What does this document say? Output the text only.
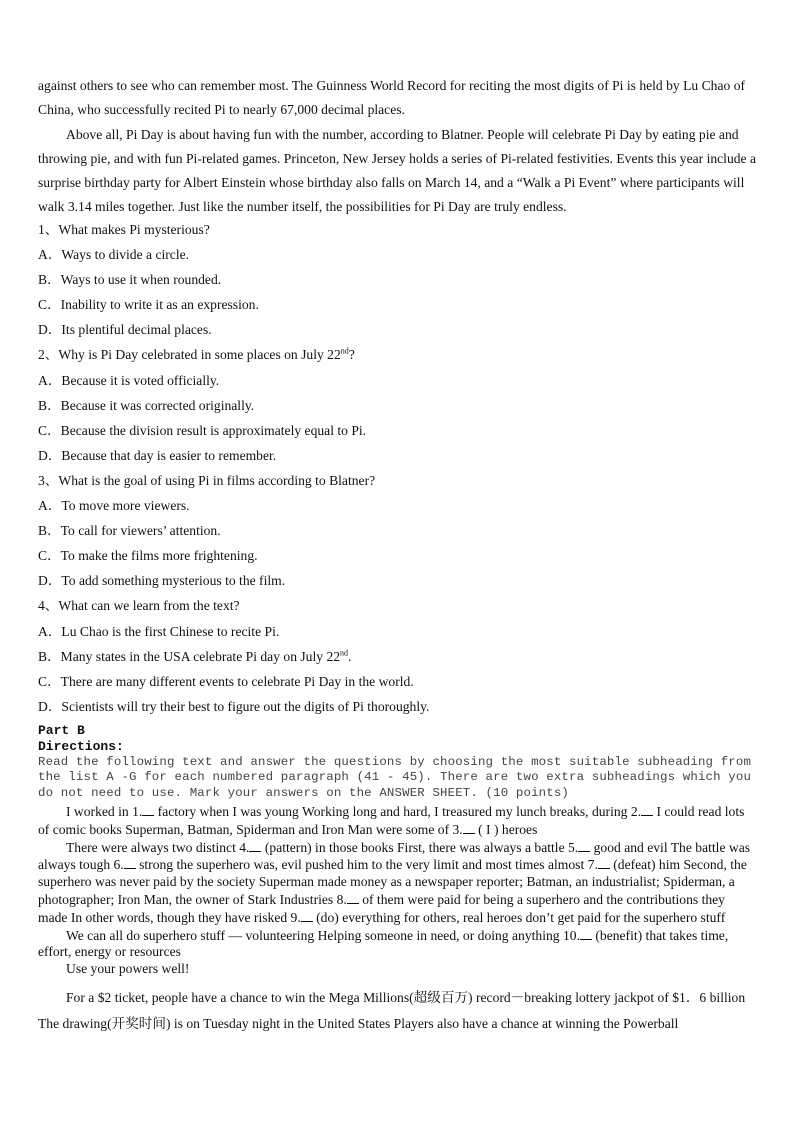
against others to see who can remember most. The Guinness World Record for reciting the most digits of Pi is held by Lu Chao of China, who successfully recited Pi to nearly 67,000 decimal places.

Above all, Pi Day is about having fun with the number, according to Blatner. People will celebrate Pi Day by eating pie and throwing pie, and with fun Pi-related games. Princeton, New Jersey holds a series of Pi-related festivities. Events this year include a surprise birthday party for Albert Einstein whose birthday also falls on March 14, and a “Walk a Pi Event” where participants will walk 3.14 miles together. Just like the number itself, the possibilities for Pi Day are truly endless.

1、What makes Pi mysterious?
A．Ways to divide a circle.
B．Ways to use it when rounded.
C．Inability to write it as an expression.
D．Its plentiful decimal places.
2、Why is Pi Day celebrated in some places on July 22nd?
A．Because it is voted officially.
B．Because it was corrected originally.
C．Because the division result is approximately equal to Pi.
D．Because that day is easier to remember.
3、What is the goal of using Pi in films according to Blatner?
A．To move more viewers.
B．To call for viewers’ attention.
C．To make the films more frightening.
D．To add something mysterious to the film.
4、What can we learn from the text?
A．Lu Chao is the first Chinese to recite Pi.
B．Many states in the USA celebrate Pi day on July 22nd.
C．There are many different events to celebrate Pi Day in the world.
D．Scientists will try their best to figure out the digits of Pi thoroughly.
Part B
Directions:
Read the following text and answer the questions by choosing the most suitable subheading from the list A -G for each numbered paragraph (41 - 45). There are two extra subheadings which you do not need to use. Mark your answers on the ANSWER SHEET. (10 points)

I worked in 1. factory when I was young Working long and hard, I treasured my lunch breaks, during 2. I could read lots of comic books Superman, Batman, Spiderman and Iron Man were some of 3. ( I ) heroes

There were always two distinct 4. (pattern) in those books First, there was always a battle 5. good and evil The battle was always tough 6. strong the superhero was, evil pushed him to the very limit and most times almost 7. (defeat) him Second, the superhero was never paid by the society Superman made money as a newspaper reporter; Batman, an industrialist; Spiderman, a photographer; Iron Man, the owner of Stark Industries 8. of them were paid for being a superhero and the contributions they made In other words, though they have risked 9. (do) everything for others, real heroes don’t get paid for the superhero stuff

We can all do superhero stuff — volunteering Helping someone in need, or doing anything 10. (benefit) that takes time, effort, energy or resources

Use your powers well!

For a $2 ticket, people have a chance to win the Mega Millions(超级百万) record－breaking lottery jackpot of $1．6 billion The drawing(开奖时间) is on Tuesday night in the United States Players also have a chance at winning the Powerball
